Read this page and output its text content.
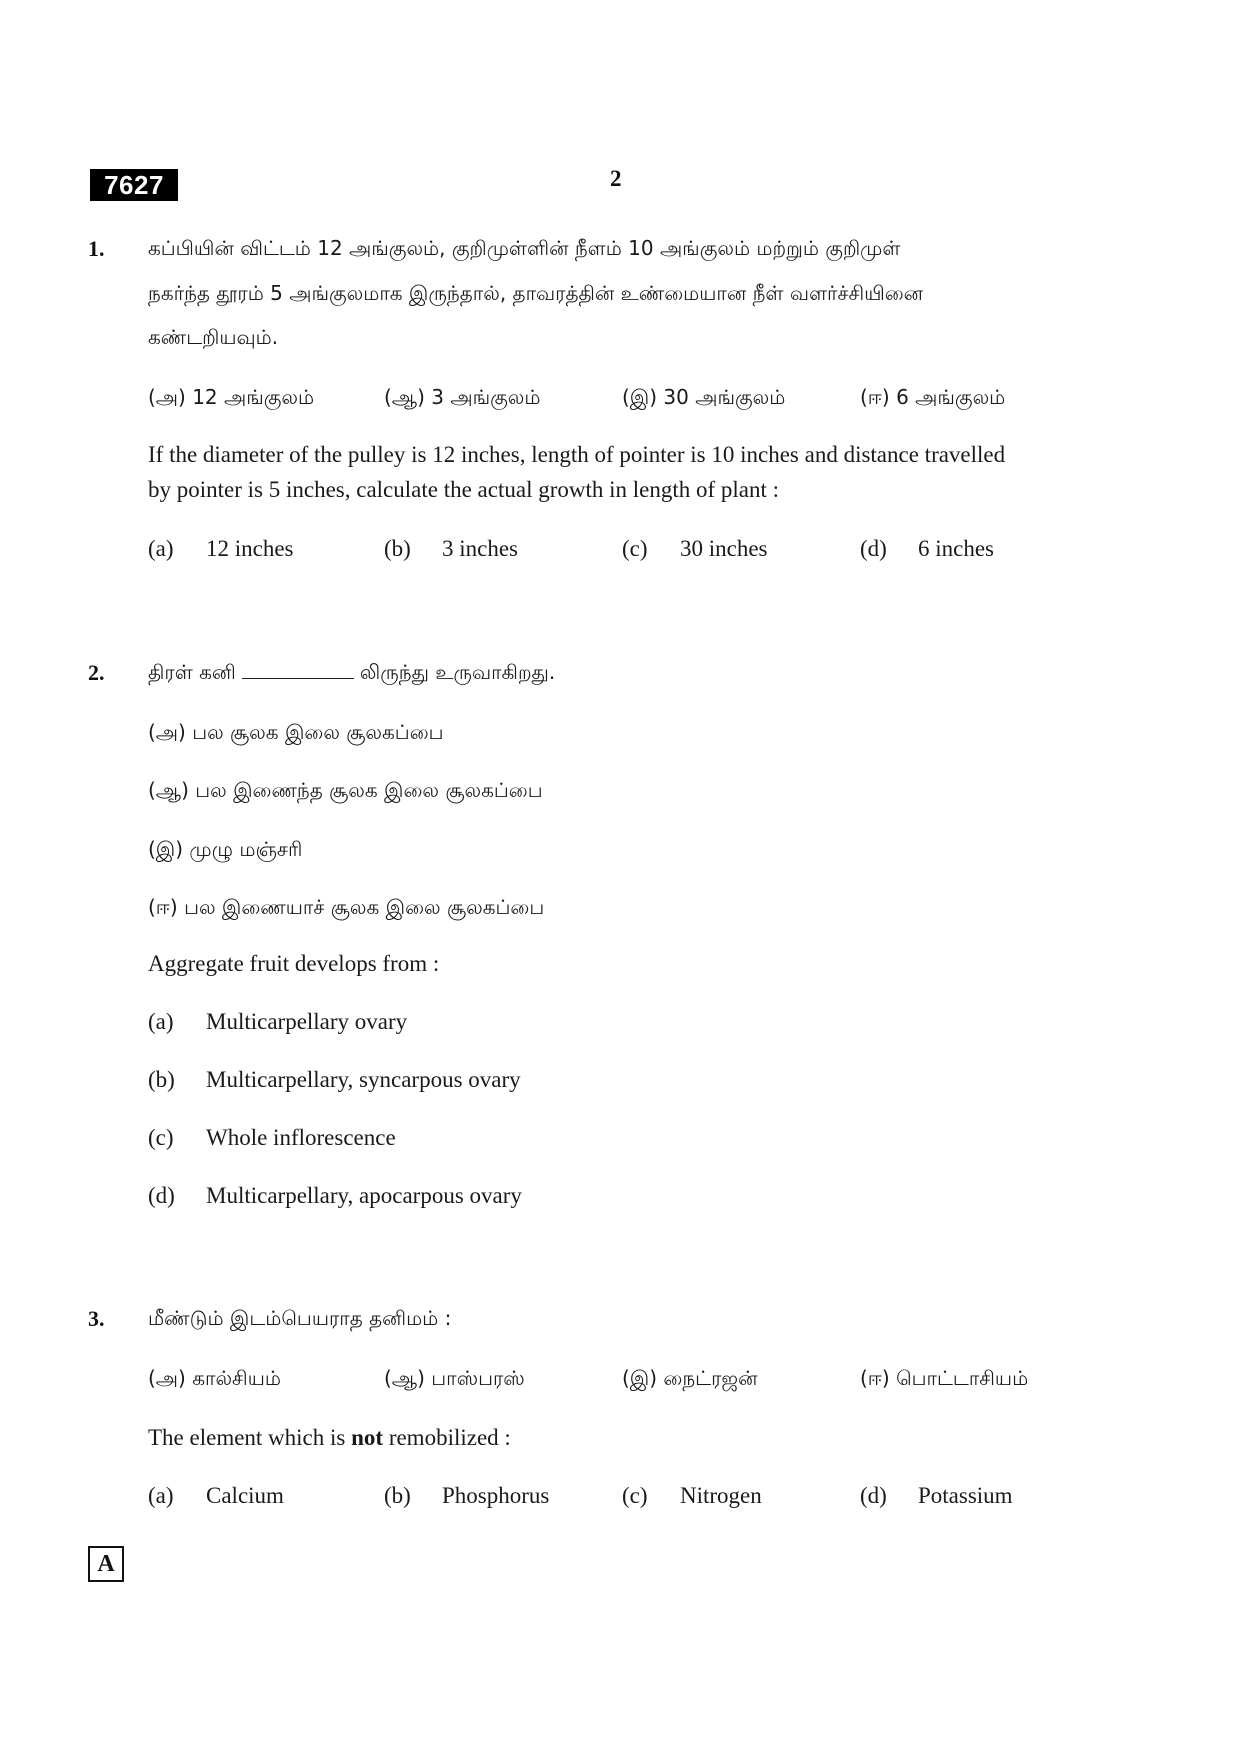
7627	2
1. கப்பியின் விட்டம் 12 அங்குலம், குறிமுள்ளின் நீளம் 10 அங்குலம் மற்றும் குறிமுள்
நகர்ந்த தூரம் 5 அங்குலமாக இருந்தால், தாவரத்தின் உண்மையான நீள் வளர்ச்சியினை
கண்டறியவும்.
(அ) 12 அங்குலம்	(ஆ) 3 அங்குலம்	(இ) 30 அங்குலம்	(ஈ) 6 அங்குலம்
If the diameter of the pulley is 12 inches, length of pointer is 10 inches and distance travelled
by pointer is 5 inches, calculate the actual growth in length of plant :
(a) 12 inches	(b) 3 inches	(c) 30 inches	(d) 6 inches
2. திரள் கனி	லிருந்து உருவாகிறது.
(அ) பல சூலக இலை சூலகப்பை
(ஆ) பல இணைந்த சூலக இலை சூலகப்பை
(இ) முழு மஞ்சரி
(ஈ) பல இணையாச் சூலக இலை சூலகப்பை
Aggregate fruit develops from :
(a) Multicarpellary ovary
(b) Multicarpellary, syncarpous ovary
(c) Whole inflorescence
(d) Multicarpellary, apocarpous ovary
3. மீண்டும் இடம்பெயராத தனிமம் :
(அ) கால்சியம்	(ஆ) பாஸ்பரஸ்	(இ) நைட்ரஜன்	(ஈ) பொட்டாசியம்
The element which is not remobilized :
(a) Calcium	(b) Phosphorus	(c) Nitrogen	(d) Potassium
A
